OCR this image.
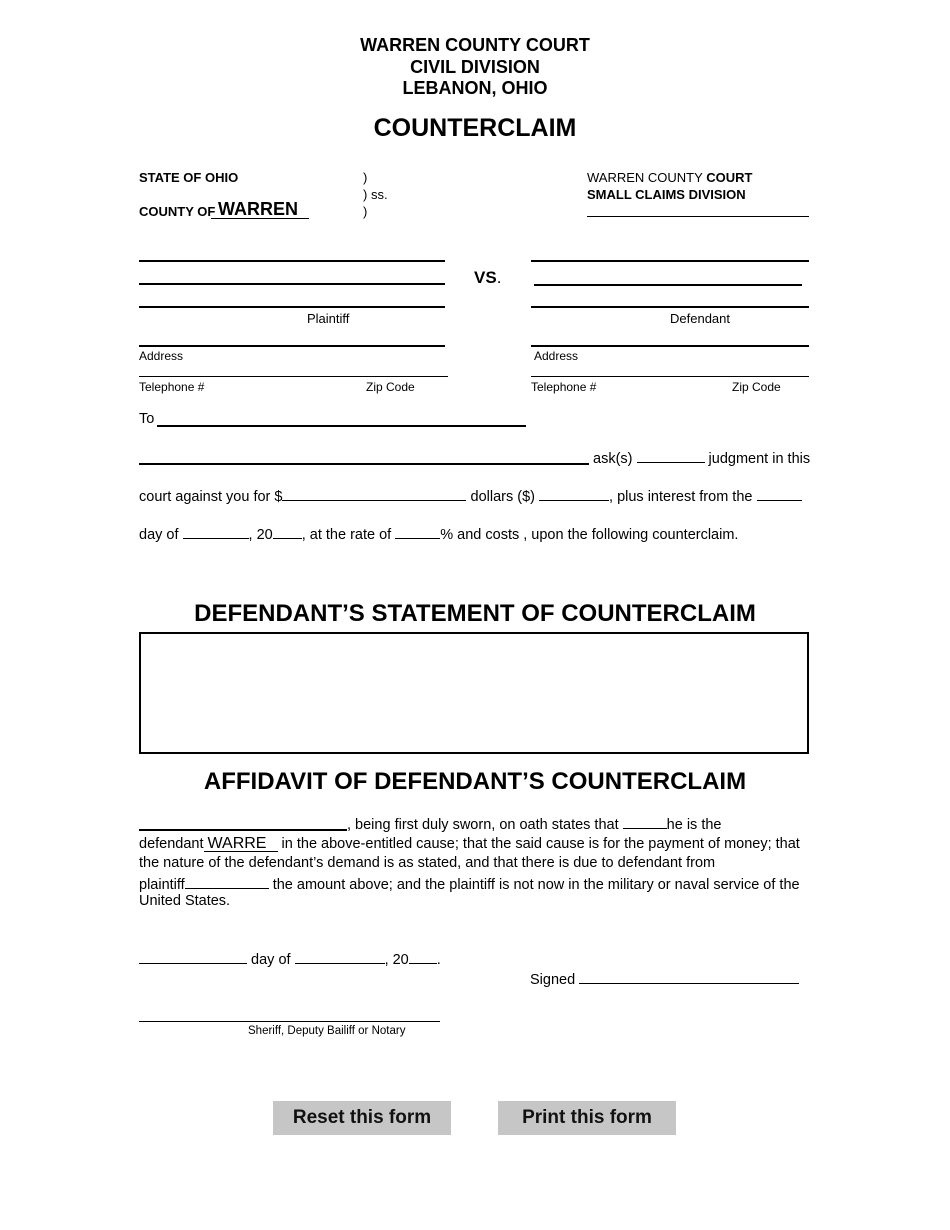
WARREN COUNTY COURT
CIVIL DIVISION
LEBANON, OHIO
COUNTERCLAIM
STATE OF OHIO
COUNTY OF WARREN
)
) ss.
)
WARREN COUNTY COURT
SMALL CLAIMS DIVISION
Plaintiff
Address
Telephone #	Zip Code
VS.
Defendant
Address
Telephone #	Zip Code
To
ask(s)	judgment in this
court against you for $	dollars ($)	, plus interest from the
day of	, 20 , at the rate of	% and costs , upon the following counterclaim.
DEFENDANT’S STATEMENT OF COUNTERCLAIM
AFFIDAVIT OF DEFENDANT’S COUNTERCLAIM
, being first duly sworn, on oath states that	he is the
defendant WARRE in the above-entitled cause; that the said cause is for the payment of money; that
the nature of the defendant’s demand is as stated, and that there is due to defendant from
plaintiff	the amount above; and the plaintiff is not now in the military or naval service of the
United States.
day of	, 20 .
Signed
Sheriff, Deputy Bailiff or Notary
Reset this form	Print this form
